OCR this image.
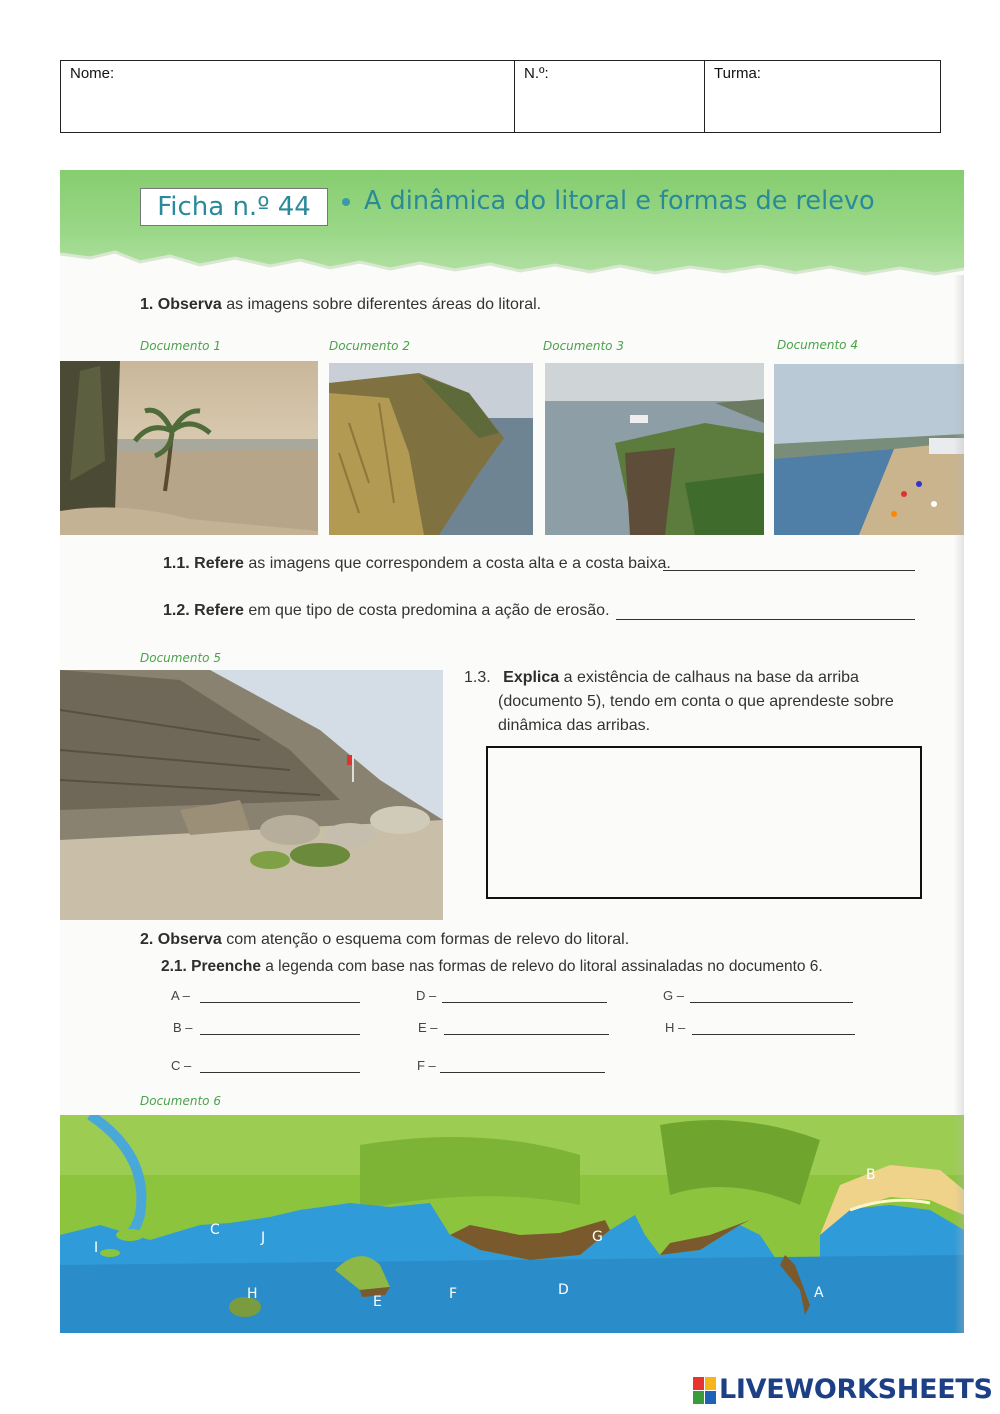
Nome:	N.º:	Turma:
Ficha n.º 44	A dinâmica do litoral e formas de relevo
1. Observa as imagens sobre diferentes áreas do litoral.
Documento 1	Documento 2	Documento 3	Documento 4
1.1. Refere as imagens que correspondem a costa alta e a costa baixa.
1.2. Refere em que tipo de costa predomina a ação de erosão.
Documento 5
1.3. Explica a existência de calhaus na base da arriba
(documento 5), tendo em conta o que aprendeste sobre
dinâmica das arribas.
2. Observa com atenção o esquema com formas de relevo do litoral.
2.1. Preenche a legenda com base nas formas de relevo do litoral assinaladas no documento 6.
A –	D –	G –
B –	E –	H –
C –	F –
Documento 6
B
A
G
D
F
E
H
C	J
I
LIVEWORKSHEETS
